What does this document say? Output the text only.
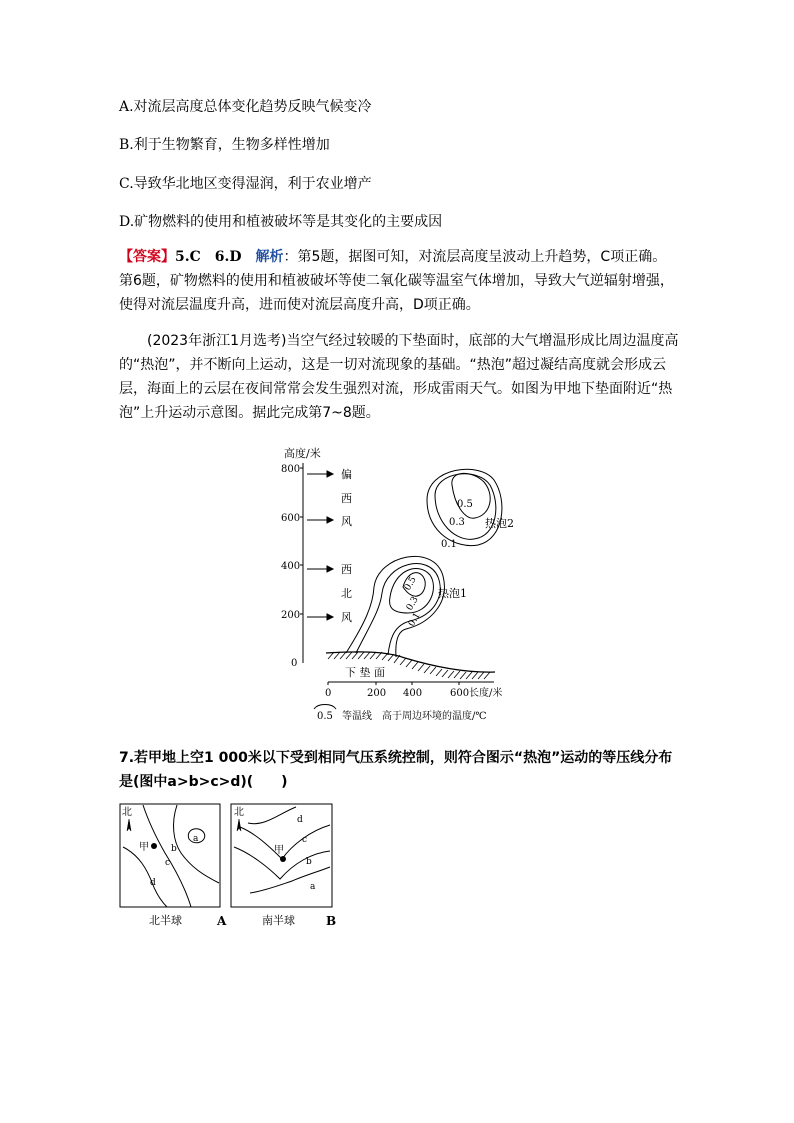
A.对流层高度总体变化趋势反映气候变冷
B.利于生物繁育，生物多样性增加
C.导致华北地区变得湿润，利于农业增产
D.矿物燃料的使用和植被破坏等是其变化的主要成因
【答案】5.C　6.D　解析：第5题，据图可知，对流层高度呈波动上升趋势，C项正确。第6题，矿物燃料的使用和植被破坏等使二氧化碳等温室气体增加，导致大气逆辐射增强，使得对流层温度升高，进而使对流层高度升高，D项正确。
(2023年浙江1月选考)当空气经过较暖的下垫面时，底部的大气增温形成比周边温度高的“热泡”，并不断向上运动，这是一切对流现象的基础。“热泡”超过凝结高度就会形成云层，海面上的云层在夜间常常会发生强烈对流，形成雷雨天气。如图为甲地下垫面附近“热泡”上升运动示意图。据此完成第7~8题。
高度/米
800
600
400
200
0
偏
西
风
西
北
风
下 垫 面
0.5
0.3
0.1
热泡2
0.5
0.3
0.1
热泡1
0	200 400	600 长度/米
0.5 等温线　高于周边环境的温度/℃
7.若甲地上空1 000米以下受到相同气压系统控制，则符合图示“热泡”运动的等压线分布是(图中a>b>c>d)(　　)
北
甲
a
b
c
d
北半球	A
北
甲
d
c
b
a
南半球	B
